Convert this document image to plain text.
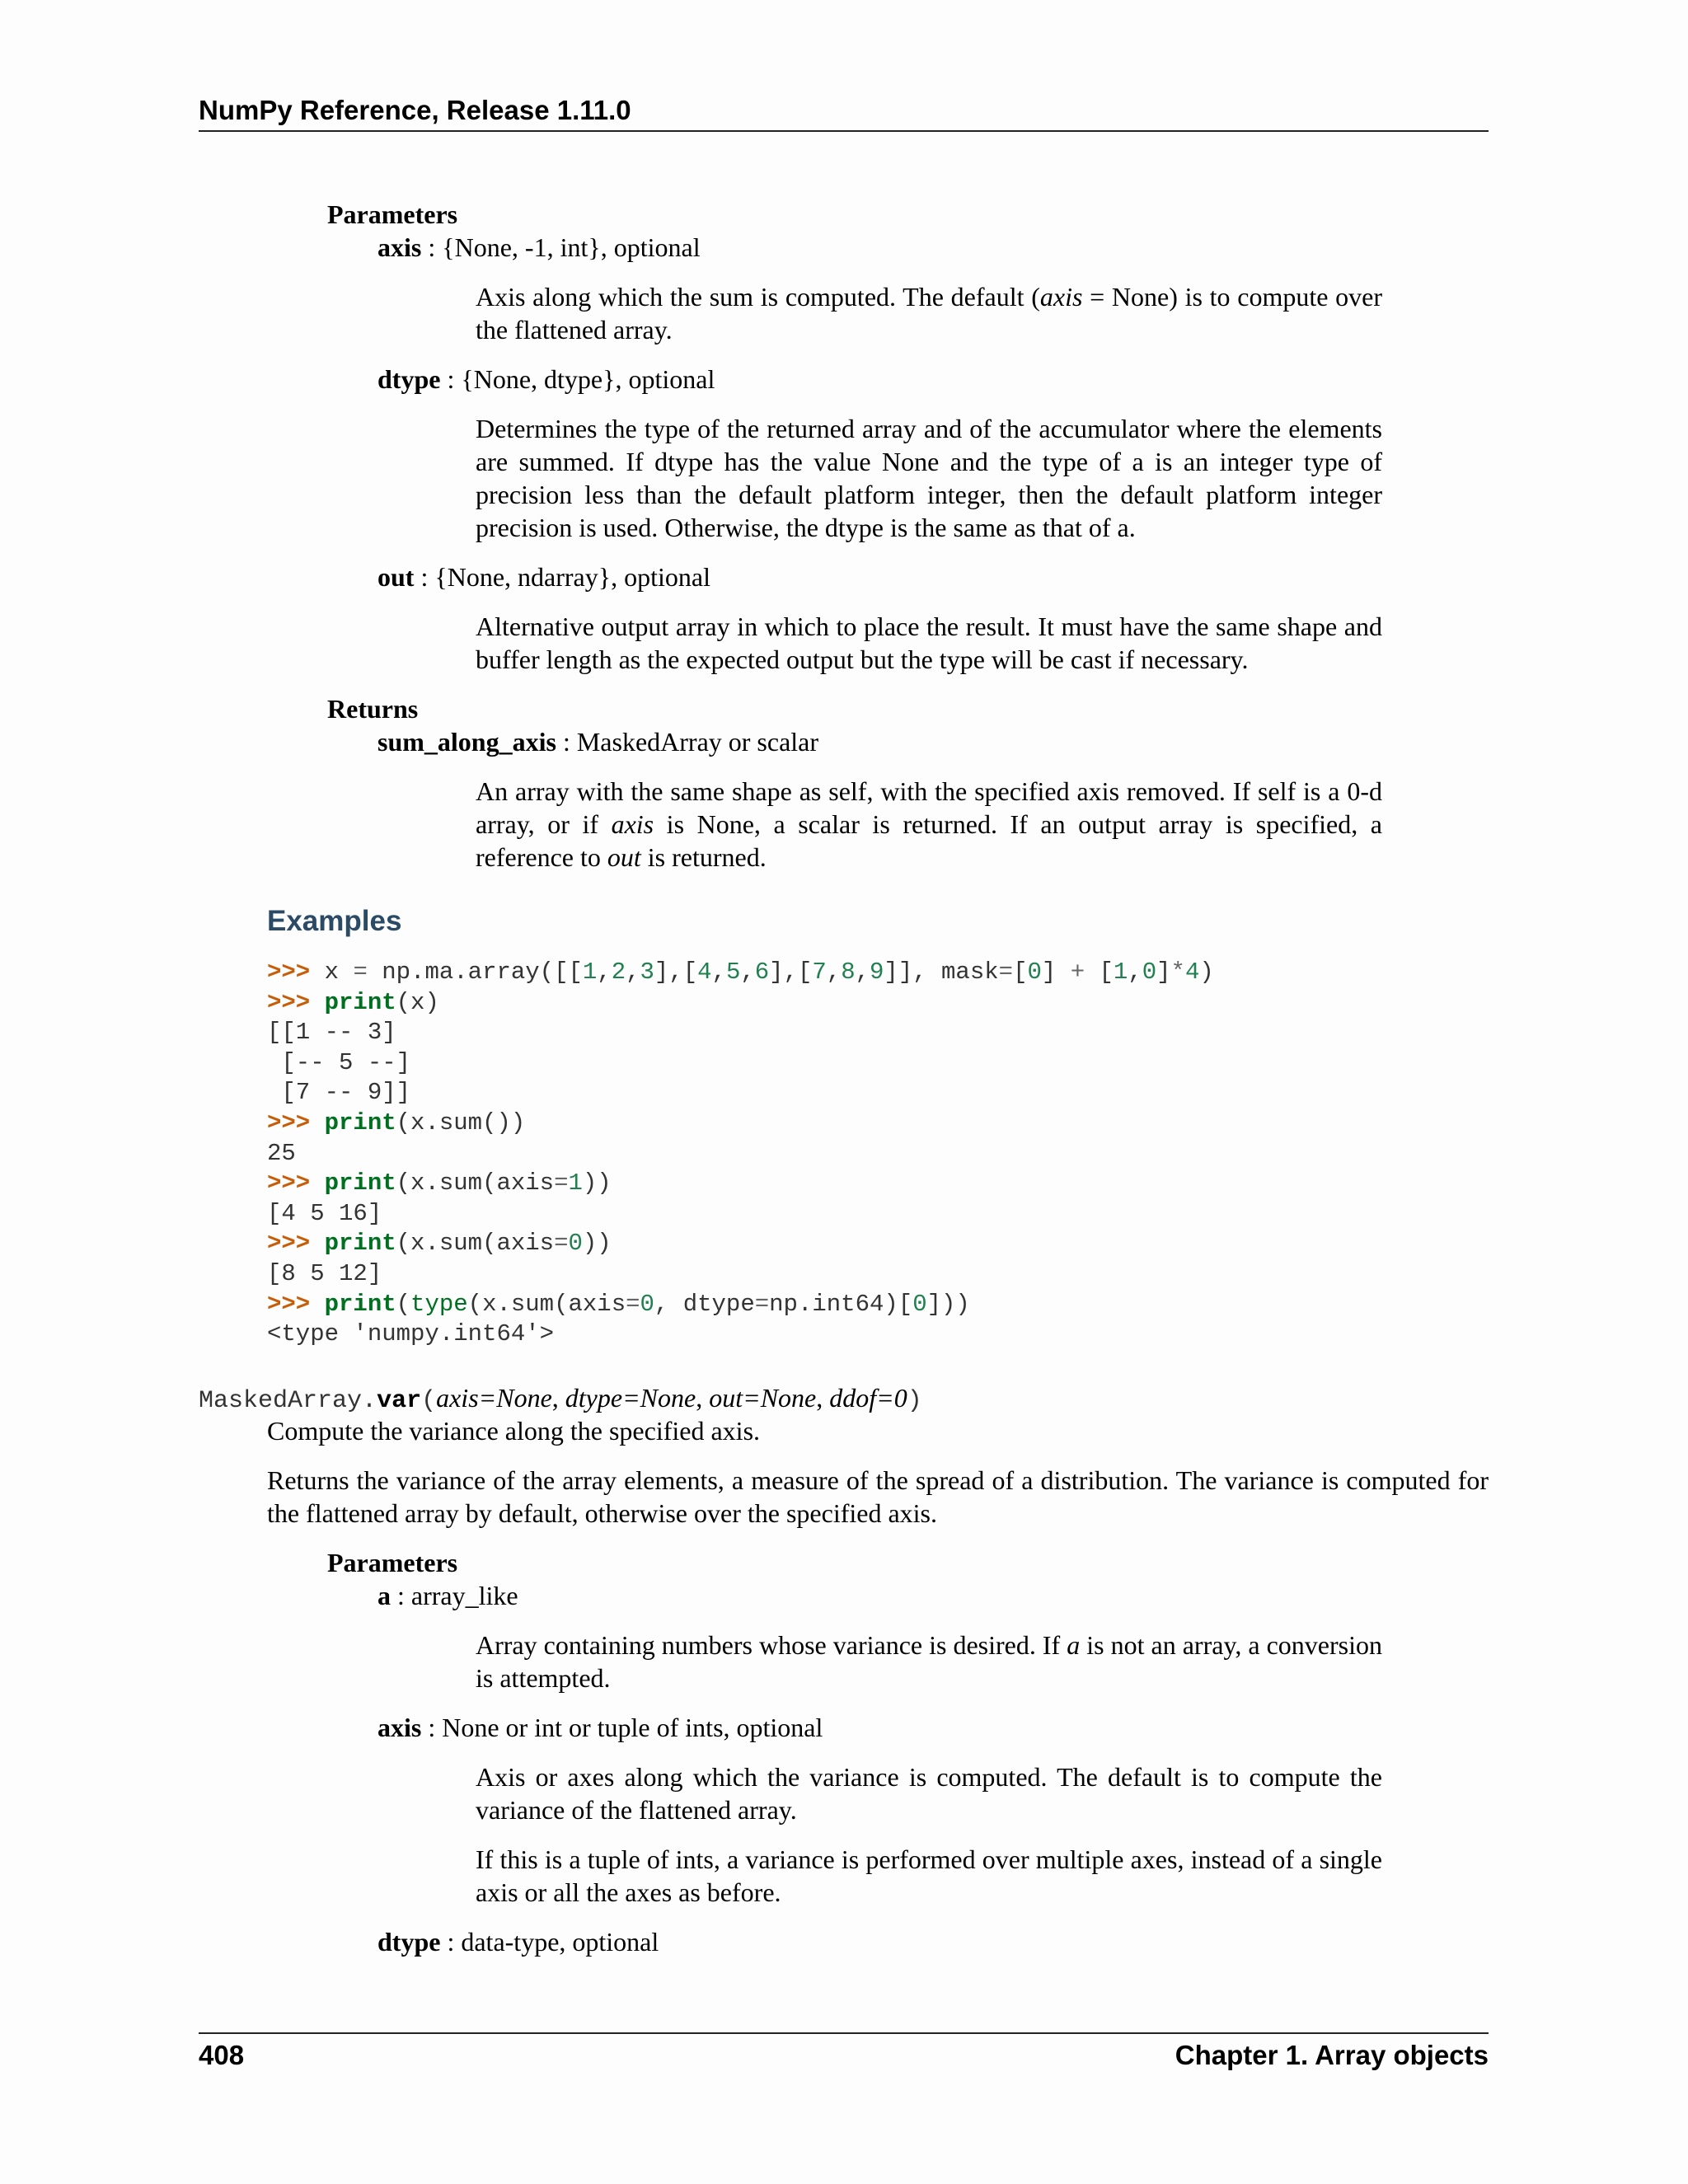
NumPy Reference, Release 1.11.0
Parameters
axis : {None, -1, int}, optional
Axis along which the sum is computed. The default (axis = None) is to compute over the flattened array.
dtype : {None, dtype}, optional
Determines the type of the returned array and of the accumulator where the elements are summed. If dtype has the value None and the type of a is an integer type of precision less than the default platform integer, then the default platform integer precision is used. Otherwise, the dtype is the same as that of a.
out : {None, ndarray}, optional
Alternative output array in which to place the result. It must have the same shape and buffer length as the expected output but the type will be cast if necessary.
Returns
sum_along_axis : MaskedArray or scalar
An array with the same shape as self, with the specified axis removed. If self is a 0-d array, or if axis is None, a scalar is returned. If an output array is specified, a reference to out is returned.
Examples
>>> x = np.ma.array([[1,2,3],[4,5,6],[7,8,9]], mask=[0] + [1,0]*4)
>>> print(x)
[[1 -- 3]
[-- 5 --]
[7 -- 9]]
>>> print(x.sum())
25
>>> print(x.sum(axis=1))
[4 5 16]
>>> print(x.sum(axis=0))
[8 5 12]
>>> print(type(x.sum(axis=0, dtype=np.int64)[0]))
<type 'numpy.int64'>
MaskedArray.var(axis=None, dtype=None, out=None, ddof=0)
Compute the variance along the specified axis.
Returns the variance of the array elements, a measure of the spread of a distribution. The variance is computed for the flattened array by default, otherwise over the specified axis.
Parameters
a : array_like
Array containing numbers whose variance is desired. If a is not an array, a conversion is attempted.
axis : None or int or tuple of ints, optional
Axis or axes along which the variance is computed. The default is to compute the variance of the flattened array.
If this is a tuple of ints, a variance is performed over multiple axes, instead of a single axis or all the axes as before.
dtype : data-type, optional
408	Chapter 1. Array objects
